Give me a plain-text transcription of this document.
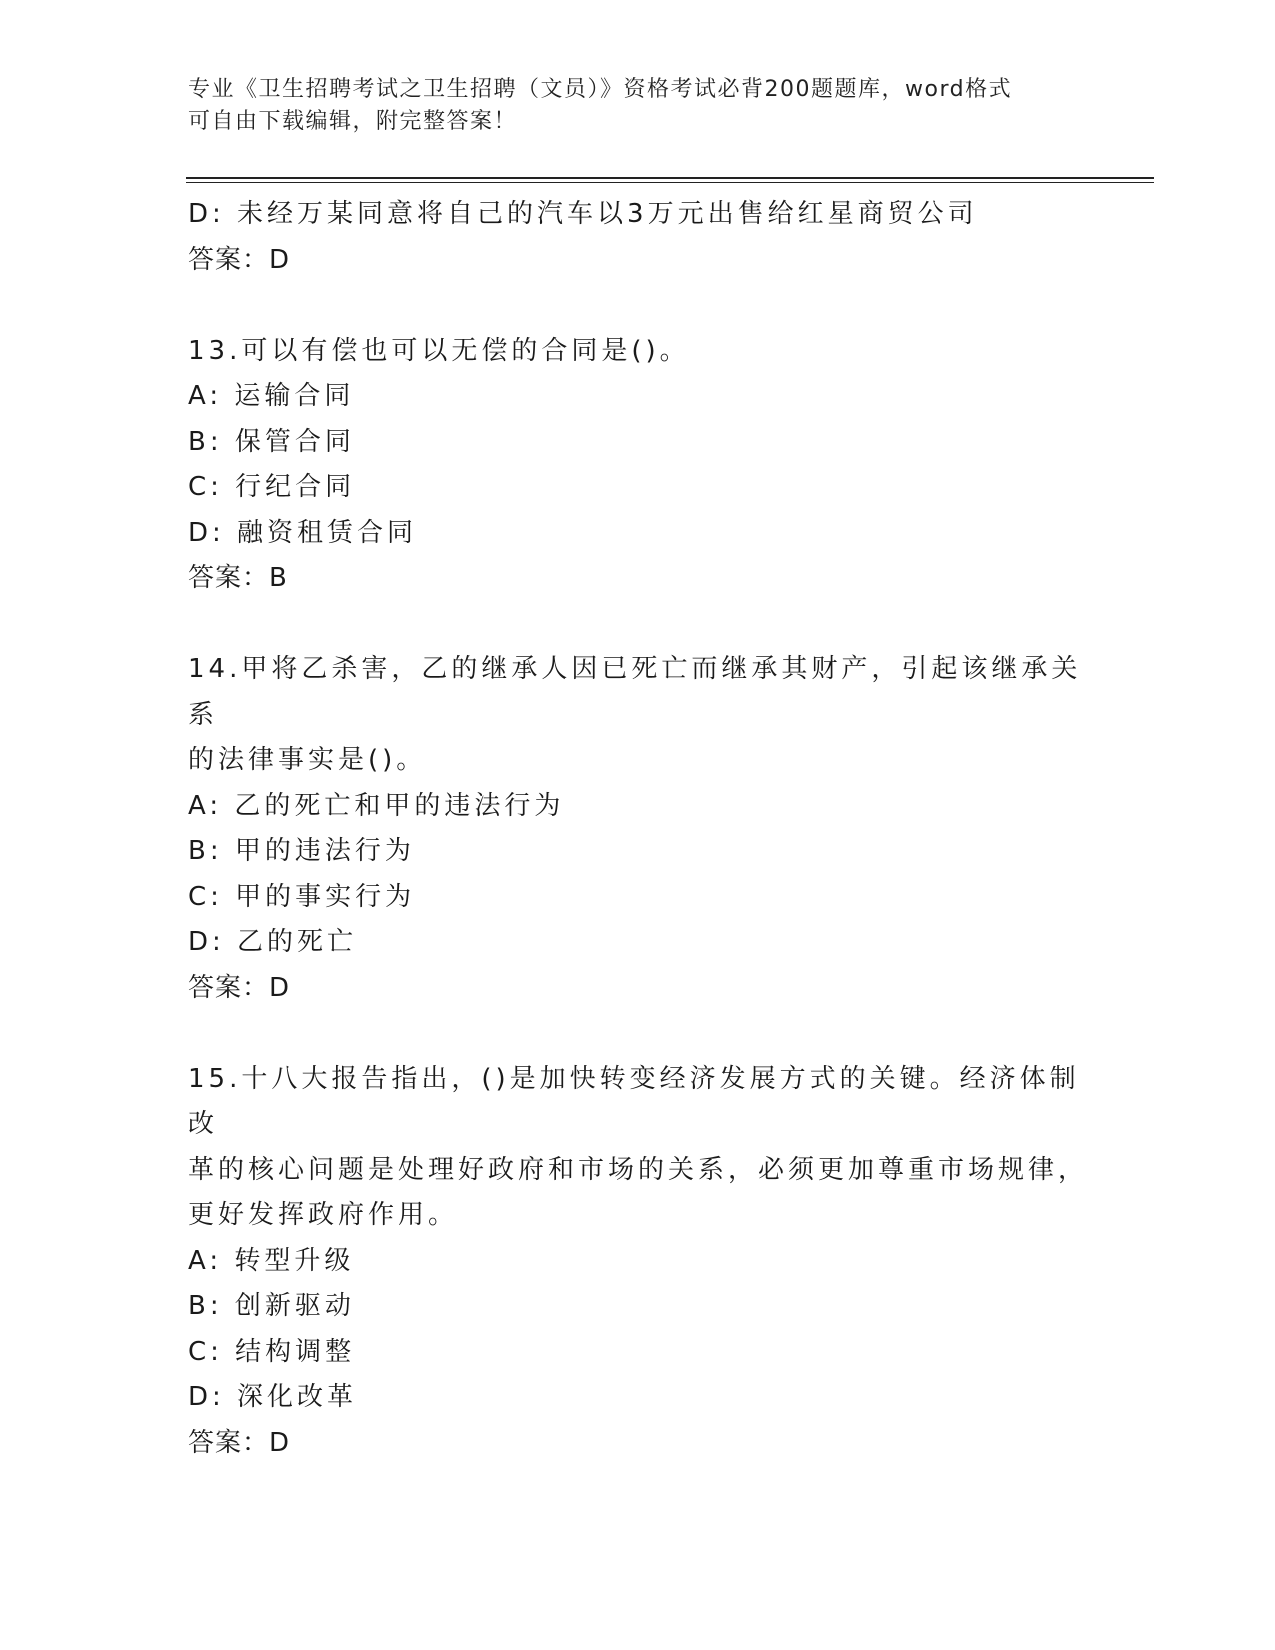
专业《卫生招聘考试之卫生招聘（文员）》资格考试必背200题题库，word格式
可自由下载编辑，附完整答案！
D: 未经万某同意将自己的汽车以3万元出售给红星商贸公司
答案：D
13.可以有偿也可以无偿的合同是()。
A: 运输合同
B: 保管合同
C: 行纪合同
D: 融资租赁合同
答案：B
14.甲将乙杀害，乙的继承人因已死亡而继承其财产，引起该继承关系
的法律事实是()。
A: 乙的死亡和甲的违法行为
B: 甲的违法行为
C: 甲的事实行为
D: 乙的死亡
答案：D
15.十八大报告指出，()是加快转变经济发展方式的关键。经济体制改
革的核心问题是处理好政府和市场的关系，必须更加尊重市场规律，
更好发挥政府作用。
A: 转型升级
B: 创新驱动
C: 结构调整
D: 深化改革
答案：D
